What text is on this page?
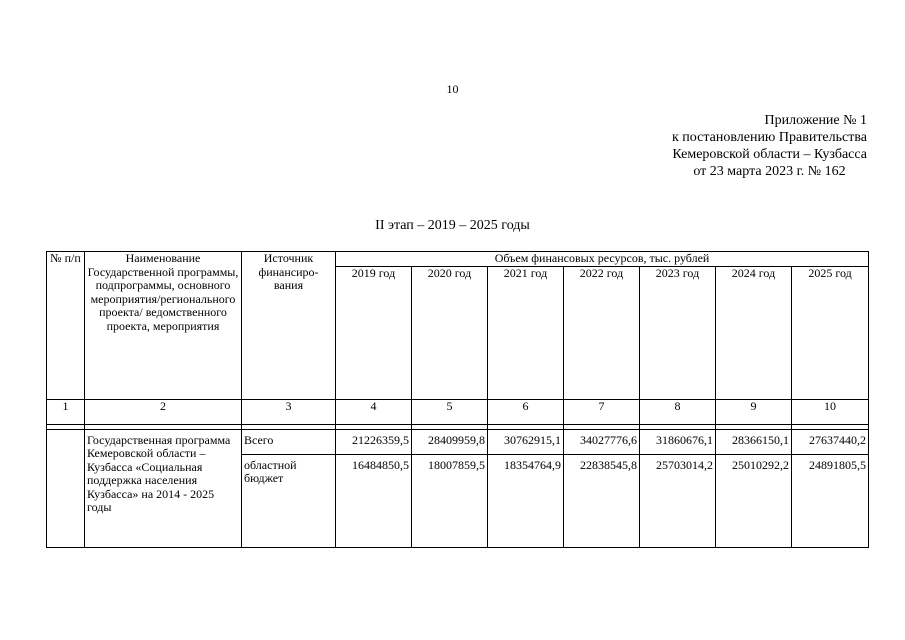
10
Приложение № 1
к постановлению Правительства
Кемеровской области – Кузбасса
от 23 марта 2023 г. № 162
II этап – 2019 – 2025 годы
№ п/п	Наименование Государственной программы, подпрограммы, основного мероприятия/регионального проекта/ ведомственного проекта, мероприятия	Источник финансиро-вания	Объем финансовых ресурсов, тыс. рублей						
			2019 год	2020 год	2021 год	2022 год	2023 год	2024 год	2025 год
1	2	3	4	5	6	7	8	9	10

	Государственная программа Кемеровской области – Кузбасса «Социальная поддержка населения Кузбасса» на 2014 - 2025 годы	Всего	21226359,5	28409959,8	30762915,1	34027776,6	31860676,1	28366150,1	27637440,2
		областной бюджет	16484850,5	18007859,5	18354764,9	22838545,8	25703014,2	25010292,2	24891805,5
